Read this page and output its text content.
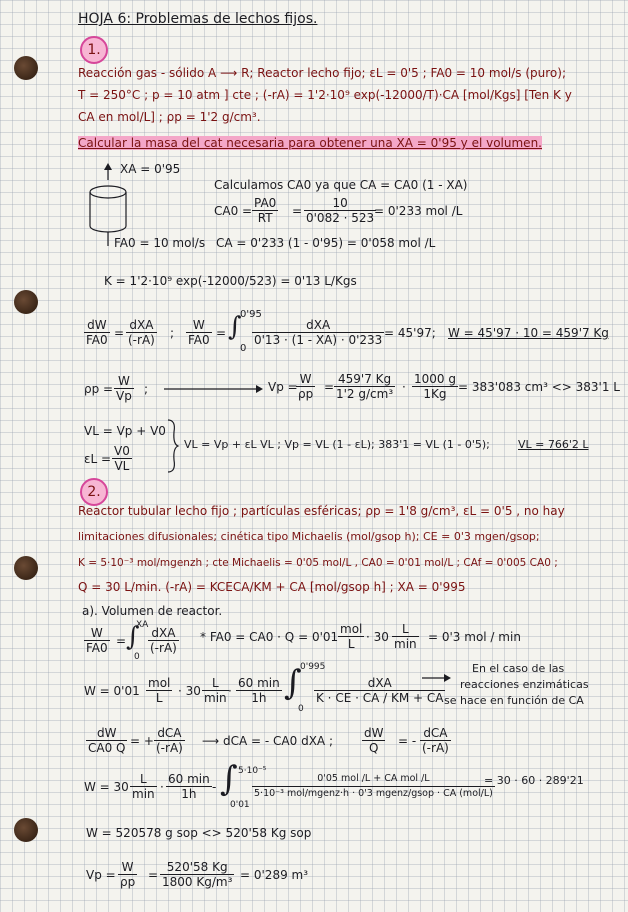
HOJA 6: Problemas de lechos fijos.
1.
Reacción gas - sólido A ⟶ R; Reactor lecho fijo; εL = 0'5 ; FA0 = 10 mol/s (puro);
T = 250°C ; p = 10 atm ] cte ; (-rA) = 1'2·10⁹ exp(-12000/T)·CA [mol/Kgs] [Ten K y
CA en mol/L] ; ρp = 1'2 g/cm³.
Calcular la masa del cat necesaria para obtener una XA = 0'95 y el volumen.
XA = 0'95
FA0 = 10 mol/s
Calculamos CA0 ya que CA = CA0 (1 - XA)
$CA0 = \frac{PA0}{RT} = \frac{10}{0'082 \cdot 523}$
= 0'233 mol /L
CA = 0'233 (1 - 0'95) = 0'058 mol /L
K = 1'2·10⁹ exp(-12000/523) = 0'13 L/Kgs
$\frac{dW}{FA0}$ =
dXA
(-rA) ; $\frac{W}{FA0}$ = ∫
0'95
0
dXA
0'13 · (1 - XA) · 0'233 = 45'97; W = 45'97 · 10 = 459'7 Kg
$\rho p = \frac{W}{Vp}$ ;	Vp =
$\frac{W}{\rho p} = \frac{459'7 Kg}{\text{1'2 g/cm³}} \cdot \frac{1000 g}{1Kg} = 383'083$ cm³ <> 383'1 L
VL = Vp + V0
$\varepsilon L = \frac{V0}{VL}$	VL = Vp + εL VL ; Vp = VL (1 - εL); 383'1 = VL (1 - 0'5);	VL = 766'2 L
2.
Reactor tubular lecho fijo ; partículas esféricas; ρp = 1'8 g/cm³, εL = 0'5 , no hay
limitaciones difusionales; cinética tipo Michaelis (mol/gsop h); CE = 0'3 mgen/gsop;
K = 5·10⁻³ mol/mgenzh ; cte Michaelis = 0'05 mol/L , CA0 = 0'01 mol/L ; CAf = 0'005 CA0 ;
Q = 30 L/min. (-rA) = KCECA/KM + CA [mol/gsop h] ; XA = 0'995
a). Volumen de reactor.
$\frac{W}{FA0}$ = ∫
XA
0
dXA
(-rA)
* FA0 = CA0 · Q = 0'01
mol
L · 30
L
min = 0'3 mol / min
W = 0'01
mol
L	· 30
L
min ·
60 min
1h ∫
0'995
0
dXA
K · CE · CA / KM + CA
En el caso de las
reacciones enzimáticas
se hace en función de CA
$\frac{dW}{CA0 Q}$ = +
dCA
(-rA) ⟶ dCA = - CA0 dXA ; $\frac{dW}{Q}$ = -
dCA
(-rA)
W = 30
L
min ·
60 min
1h	- ∫ 5·10⁻⁵
0'01
0'05 mol /L + CA mol /L
5·10⁻³ mol/mgenz·h · 0'3 mgenz/gsop · CA (mol/L)
= 30 · 60 · 289'21
W = 520578 g sop <> 520'58 Kg sop
$Vp = \frac{W}{\rho p} = \frac{520'58 Kg}{\text{1800 Kg/m³}} = 0'289$ m³
